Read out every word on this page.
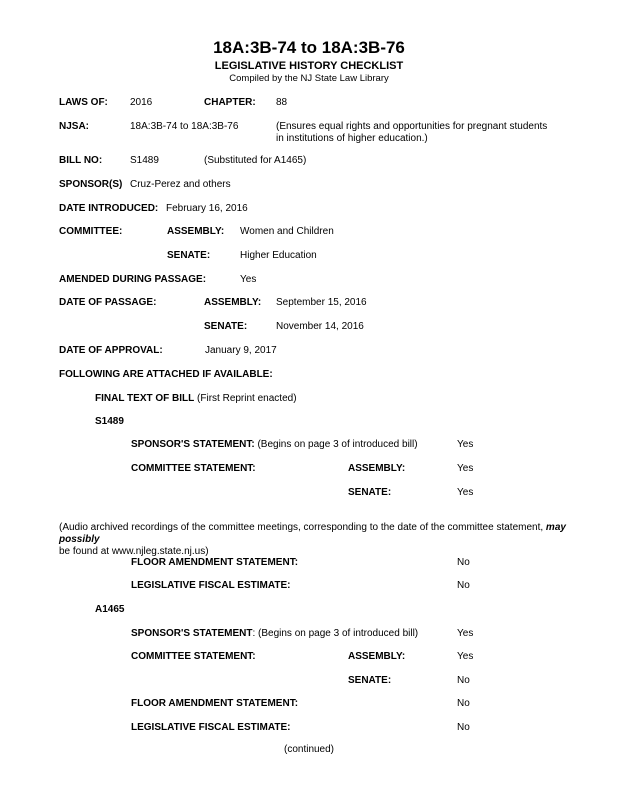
18A:3B-74 to 18A:3B-76
LEGISLATIVE HISTORY CHECKLIST
Compiled by the NJ State Law Library
LAWS OF: 2016	CHAPTER: 88
NJSA:	18A:3B-74 to 18A:3B-76	(Ensures equal rights and opportunities for pregnant students in institutions of higher education.)
BILL NO:	S1489	(Substituted for A1465)
SPONSOR(S) Cruz-Perez and others
DATE INTRODUCED: February 16, 2016
COMMITTEE:	ASSEMBLY: Women and Children
SENATE:	Higher Education
AMENDED DURING PASSAGE:	Yes
DATE OF PASSAGE:	ASSEMBLY: September 15, 2016
SENATE:	November 14, 2016
DATE OF APPROVAL:	January 9, 2017
FOLLOWING ARE ATTACHED IF AVAILABLE:
FINAL TEXT OF BILL (First Reprint enacted)
S1489
SPONSOR'S STATEMENT: (Begins on page 3 of introduced bill)	Yes
COMMITTEE STATEMENT:	ASSEMBLY:	Yes
SENATE:	Yes
(Audio archived recordings of the committee meetings, corresponding to the date of the committee statement, may possibly
be found at www.njleg.state.nj.us)
FLOOR AMENDMENT STATEMENT:	No
LEGISLATIVE FISCAL ESTIMATE:	No
A1465
SPONSOR'S STATEMENT: (Begins on page 3 of introduced bill)	Yes
COMMITTEE STATEMENT:	ASSEMBLY:	Yes
SENATE:	No
FLOOR AMENDMENT STATEMENT:	No
LEGISLATIVE FISCAL ESTIMATE:	No
(continued)
